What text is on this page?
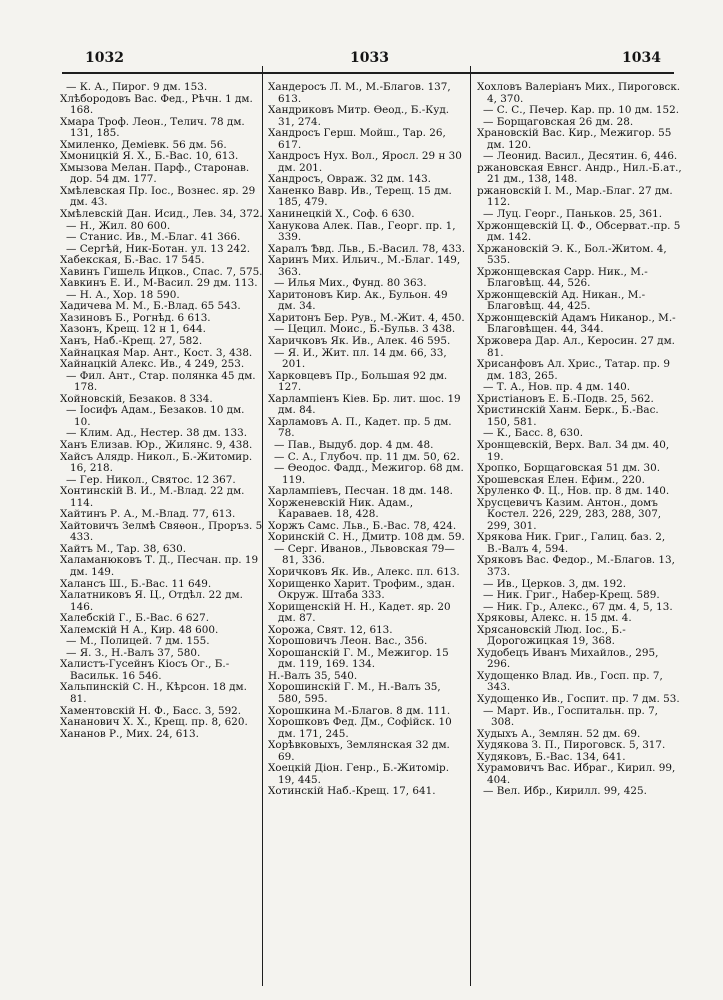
1032	1033	1034

— К. А., Пирог. 9 дм. 153.

Хлѣбородовъ Вас. Фед., Рѣчн. 1 дм. 168.

Хмара Троф. Леон., Телич. 78 дм. 131, 185.

Хмиленко, Деміевк. 56 дм. 56.

Хмоницкій Я. Х., Б.-Вас. 10, 613.

Хмызова Мелан. Парф., Старонав. дор. 54 дм. 177.

Хмѣлевская Пр. Іос., Вознес. яр. 29 дм. 43.

Хмѣлевскій Дан. Исид., Лев. 34, 372.

— Н., Жил. 80 600.

— Станис. Ив., М.-Благ. 41 366.

— Сергѣй, Ник-Ботан. ул. 13 242.

Хабекская, Б.-Вас. 17 545.

Хавинъ Гишель Ицков., Спас. 7, 575.

Хавкинъ Е. И., М-Васил. 29 дм. 113.

— Н. А., Хор. 18 590.

Хадичева М. М., Б.-Влад. 65 543.

Хазиновъ Б., Рогнѣд. 6 613.

Хазонъ, Крещ. 12 н 1, 644.

Ханъ, Наб.-Крещ. 27, 582.

Хайнацкая Мар. Ант., Кост. 3, 438.

Хайнацкій Алекс. Ив., 4 249, 253.

— Фил. Ант., Стар. полянка 45 дм. 178.

Хойновскій, Безаков. 8 334.

— Іосифъ Адам., Безаков. 10 дм. 10.

— Клим. Ад., Нестер. 38 дм. 133.

Ханъ Елизав. Юр., Жилянс. 9, 438.

Хайсъ Алядр. Никол., Б.-Житомир. 16, 218.

— Гер. Никол., Святос. 12 367.

Хонтинскій В. И., М.-Влад. 22 дм. 114.

Хайтинъ Р. А., М.-Влад. 77, 613.

Хайтовичъ Зелмѣ Свяѳон., Проръз. 5 433.

Хайтъ М., Тар. 38, 630.

Халаманюковъ Т. Д., Песчан. пр. 19 дм. 149.

Халансъ Ш., Б.-Вас. 11 649.

Халатниковъ Я. Ц., Отдѣл. 22 дм. 146.

Халебскій Г., Б.-Вас. 6 627.

Халемскій Н А., Кир. 48 600.

— М., Полицей. 7 дм. 155.

— Я. З., Н.-Валъ 37, 580.

Халистъ-Гусейнъ Кіосъ Ог., Б.-Васильк. 16 546.

Хальпинскій С. Н., Кѣрсон. 18 дм. 81.

Хаментовскій Н. Ф., Басс. 3, 592.

Хананович Х. Х., Крещ. пр. 8, 620.

Хананов Р., Мих. 24, 613.

Хандеросъ Л. М., М.-Благов. 137, 613.

Хандриковъ Митр. Ѳеод., Б.-Куд. 31, 274.

Хандросъ Герш. Мойш., Тар. 26, 617.

Хандросъ Нух. Вол., Яросл. 29 н 30 дм. 201.

Хандросъ, Овраж. 32 дм. 143.

Ханенко Вавр. Ив., Терещ. 15 дм. 185, 479.

Ханинецкій Х., Соф. 6 630.

Ханукова Алек. Пав., Георг. пр. 1, 339.

Харалъ Ѣвд. Льв., Б.-Васил. 78, 433.

Харинъ Мих. Ильич., М.-Благ. 149, 363.

— Илья Мих., Фунд. 80 363.

Харитоновъ Кир. Ак., Бульон. 49 дм. 34.

Харитонъ Бер. Рув., М.-Жит. 4, 450.

— Цецил. Моис., Б.-Бульв. 3 438.

Харичковъ Як. Ив., Алек. 46 595.

— Я. И., Жит. пл. 14 дм. 66, 33, 201.

Харковцевъ Пр., Большая 92 дм. 127.

Харлампіенъ Кіев. Бр. лит. шос. 19 дм. 84.

Харламовъ А. П., Кадет. пр. 5 дм. 78.

— Пав., Выдуб. дор. 4 дм. 48.

— С. А., Глубоч. пр. 11 дм. 50, 62.

— Ѳеодос. Фадд., Межигор. 68 дм. 119.

Харлампіевъ, Песчан. 18 дм. 148.

Хорженевскій Ник. Адам., Караваев. 18, 428.

Хоржъ Самс. Льв., Б.-Вас. 78, 424.

Хоринскій С. Н., Дмитр. 108 дм. 59.

— Серг. Иванов., Львовская 79—81, 336.

Хоричковъ Як. Ив., Алекс. пл. 613.

Хорищенко Харит. Трофим., здан. Окруж. Штаба 333.

Хорищенскій Н. Н., Кадет. яр. 20 дм. 87.

Хорожа, Свят. 12, 613.

Хорошовичъ Леон. Вас., 356.

Хорошанскій Г. М., Межигор. 15 дм. 119, 169. 134.

Н.-Валъ 35, 540.

Хорошинскій Г. М., Н.-Валъ 35, 580, 595.

Хорошкина М.-Благов. 8 дм. 111.

Хорошковъ Фед. Дм., Софійск. 10 дм. 171, 245.

Хорѣвковыхъ, Землянская 32 дм. 69.

Хоецкій Діон. Генр., Б.-Житомір. 19, 445.

Хотинскій Наб.-Крещ. 17, 641.

Хохловъ Валеріанъ Мих., Пироговск. 4, 370.

— С. С., Печер. Кар. пр. 10 дм. 152.

— Борщаговская 26 дм. 28.

Храновскій Вас. Кир., Межигор. 55 дм. 120.

— Леонид. Васил., Десятин. 6, 446.

ржановская Евнсг. Андр., Нил.-Б.ат., 21 дм., 138, 148.

ржановскій І. М., Мар.-Благ. 27 дм. 112.

— Луц. Георг., Паньков. 25, 361.

Хржонщевскій Ц. Ф., Обсерват.-пр. 5 дм. 142.

Хржановскій Э. К., Бол.-Житом. 4, 535.

Хржонщевская Сарр. Ник., М.-Благовѣщ. 44, 526.

Хржонщевскій Ад. Никан., М.-Благовѣщ. 44, 425.

Хржонщевскій Адамъ Никанор., М.-Благовѣщен. 44, 344.

Хржовера Дар. Ал., Керосин. 27 дм. 81.

Хрисанфовъ Ал. Хрис., Татар. пр. 9 дм. 183, 265.

— Т. А., Нов. пр. 4 дм. 140.

Христіановъ Е. Б.-Подв. 25, 562.

Христинскій Ханм. Берк., Б.-Вас. 150, 581.

— К., Басс. 8, 630.

Хронщевскій, Верх. Вал. 34 дм. 40, 19.

Хропко, Борщаговская 51 дм. 30.

Хрошевская Елен. Ефим., 220.

Хруленко Ф. Ц., Нов. пр. 8 дм. 140.

Хрусцевичъ Казим. Антон., домъ Костел. 226, 229, 283, 288, 307, 299, 301.

Хрякова Ник. Григ., Галиц. баз. 2, В.-Валъ 4, 594.

Хряковъ Вас. Федор., М.-Благов. 13, 373.

— Ив., Церков. 3, дм. 192.

— Ник. Григ., Набер-Крещ. 589.

— Ник. Гр., Алекс., 67 дм. 4, 5, 13.

Хряковы, Алекс. н. 15 дм. 4.

Хрясановскій Люд. Іос., Б.-Дорогожицкая 19, 368.

Худобецъ Иванъ Михайлов., 295, 296.

Худощенко Влад. Ив., Госп. пр. 7, 343.

Худощенко Ив., Госпит. пр. 7 дм. 53.

— Март. Ив., Госпитальн. пр. 7, 308.

Худыхъ А., Землян. 52 дм. 69.

Худякова З. П., Пироговск. 5, 317.

Худяковъ, Б.-Вас. 134, 641.

Хурамовичъ Вас. Ибраг., Кирил. 99, 404.

— Вел. Ибр., Кирилл. 99, 425.
